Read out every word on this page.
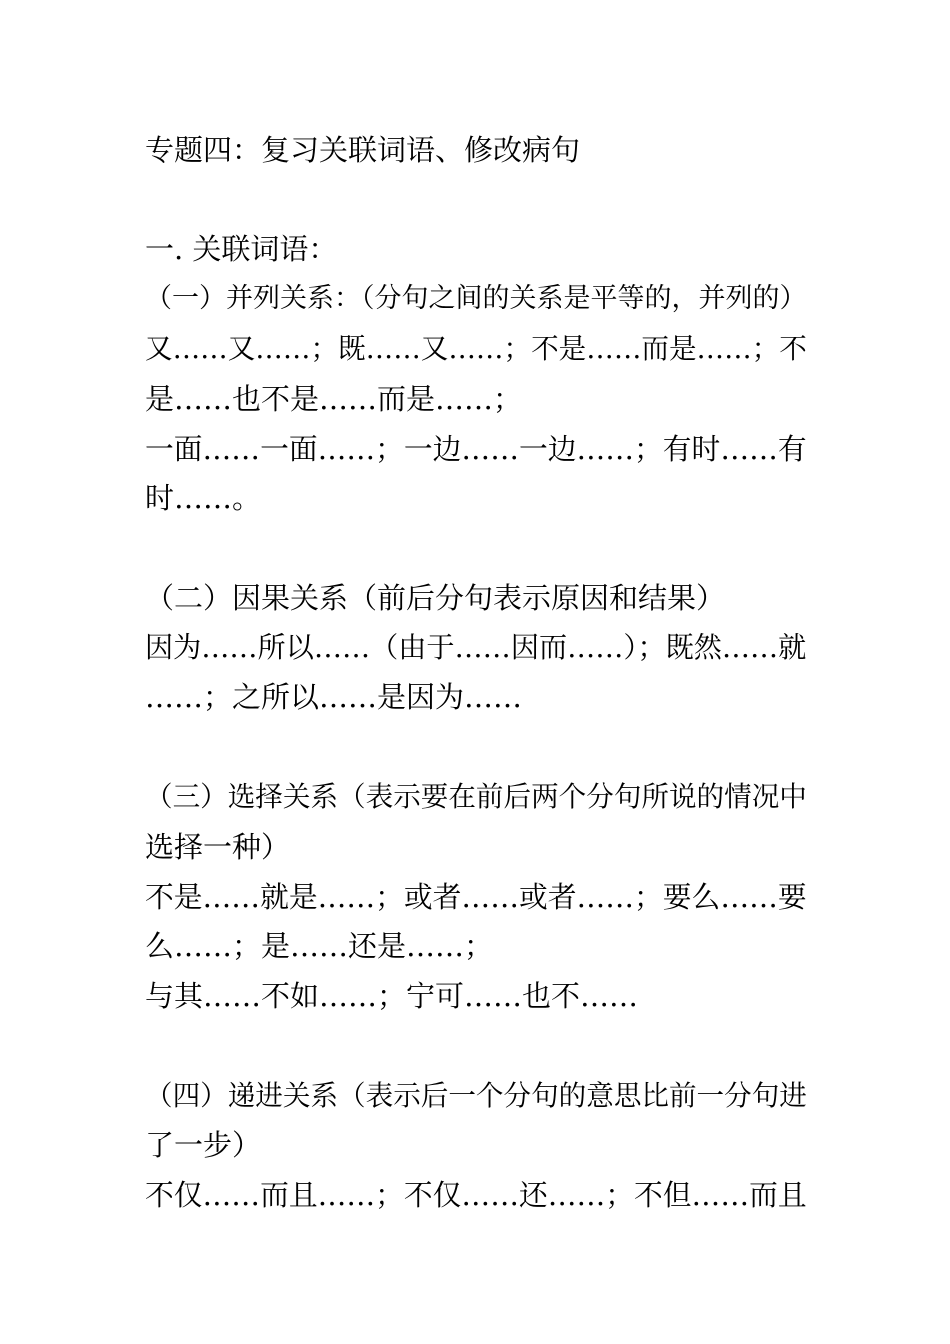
专题四：复习关联词语、修改病句
一. 关联词语：
（一）并列关系：（分句之间的关系是平等的，并列的）
又……又……；既……又……；不是……而是……；不
是……也不是……而是……；
一面……一面……；一边……一边……；有时……有
时……。
（二）因果关系（前后分句表示原因和结果）
因为……所以……（由于……因而……）；既然……就
……；之所以……是因为……
（三）选择关系（表示要在前后两个分句所说的情况中
选择一种）
不是……就是……；或者……或者……；要么……要
么……；是……还是……；
与其……不如……；宁可……也不……
（四）递进关系（表示后一个分句的意思比前一分句进
了一步）
不仅……而且……；不仅……还……；不但……而且
